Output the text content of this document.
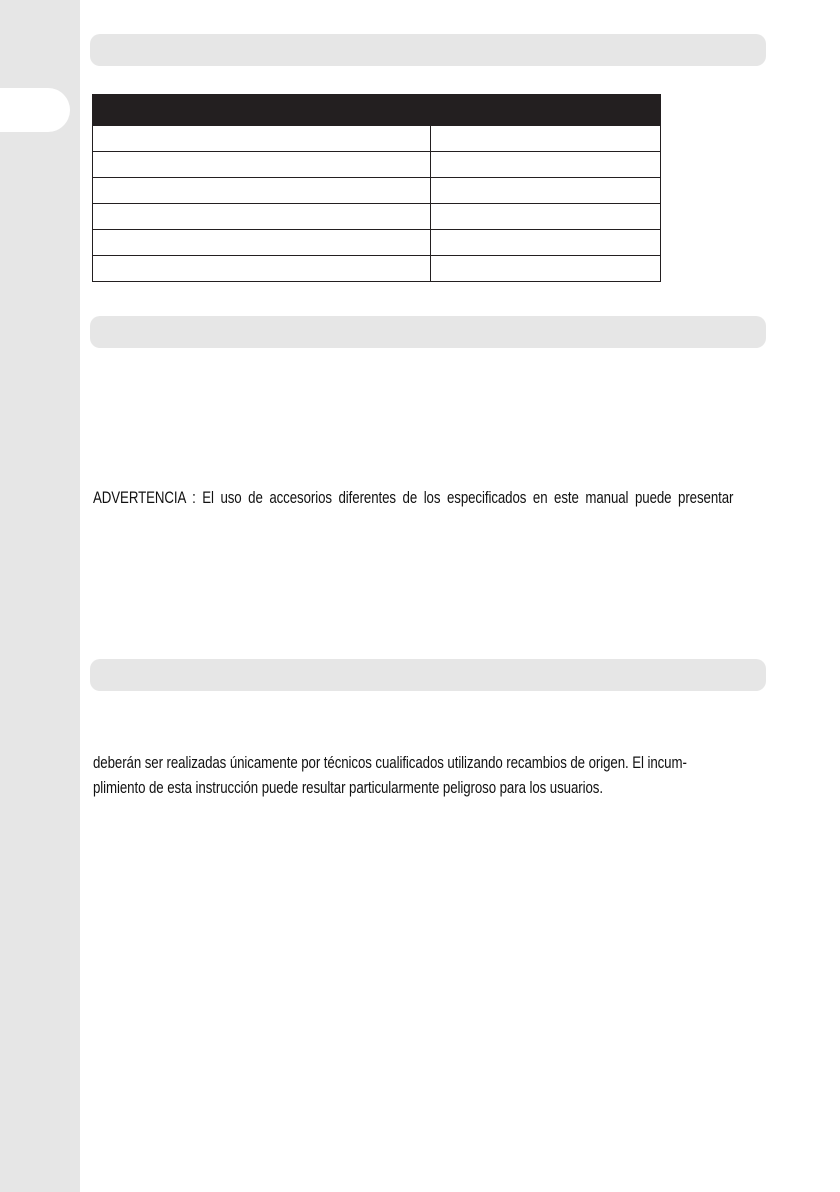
ADVERTENCIA : El uso de accesorios diferentes de los especificados en este manual puede presentar

deberán ser realizadas únicamente por técnicos cualificados utilizando recambios de origen. El incum-
plimiento de esta instrucción puede resultar particularmente peligroso para los usuarios.
